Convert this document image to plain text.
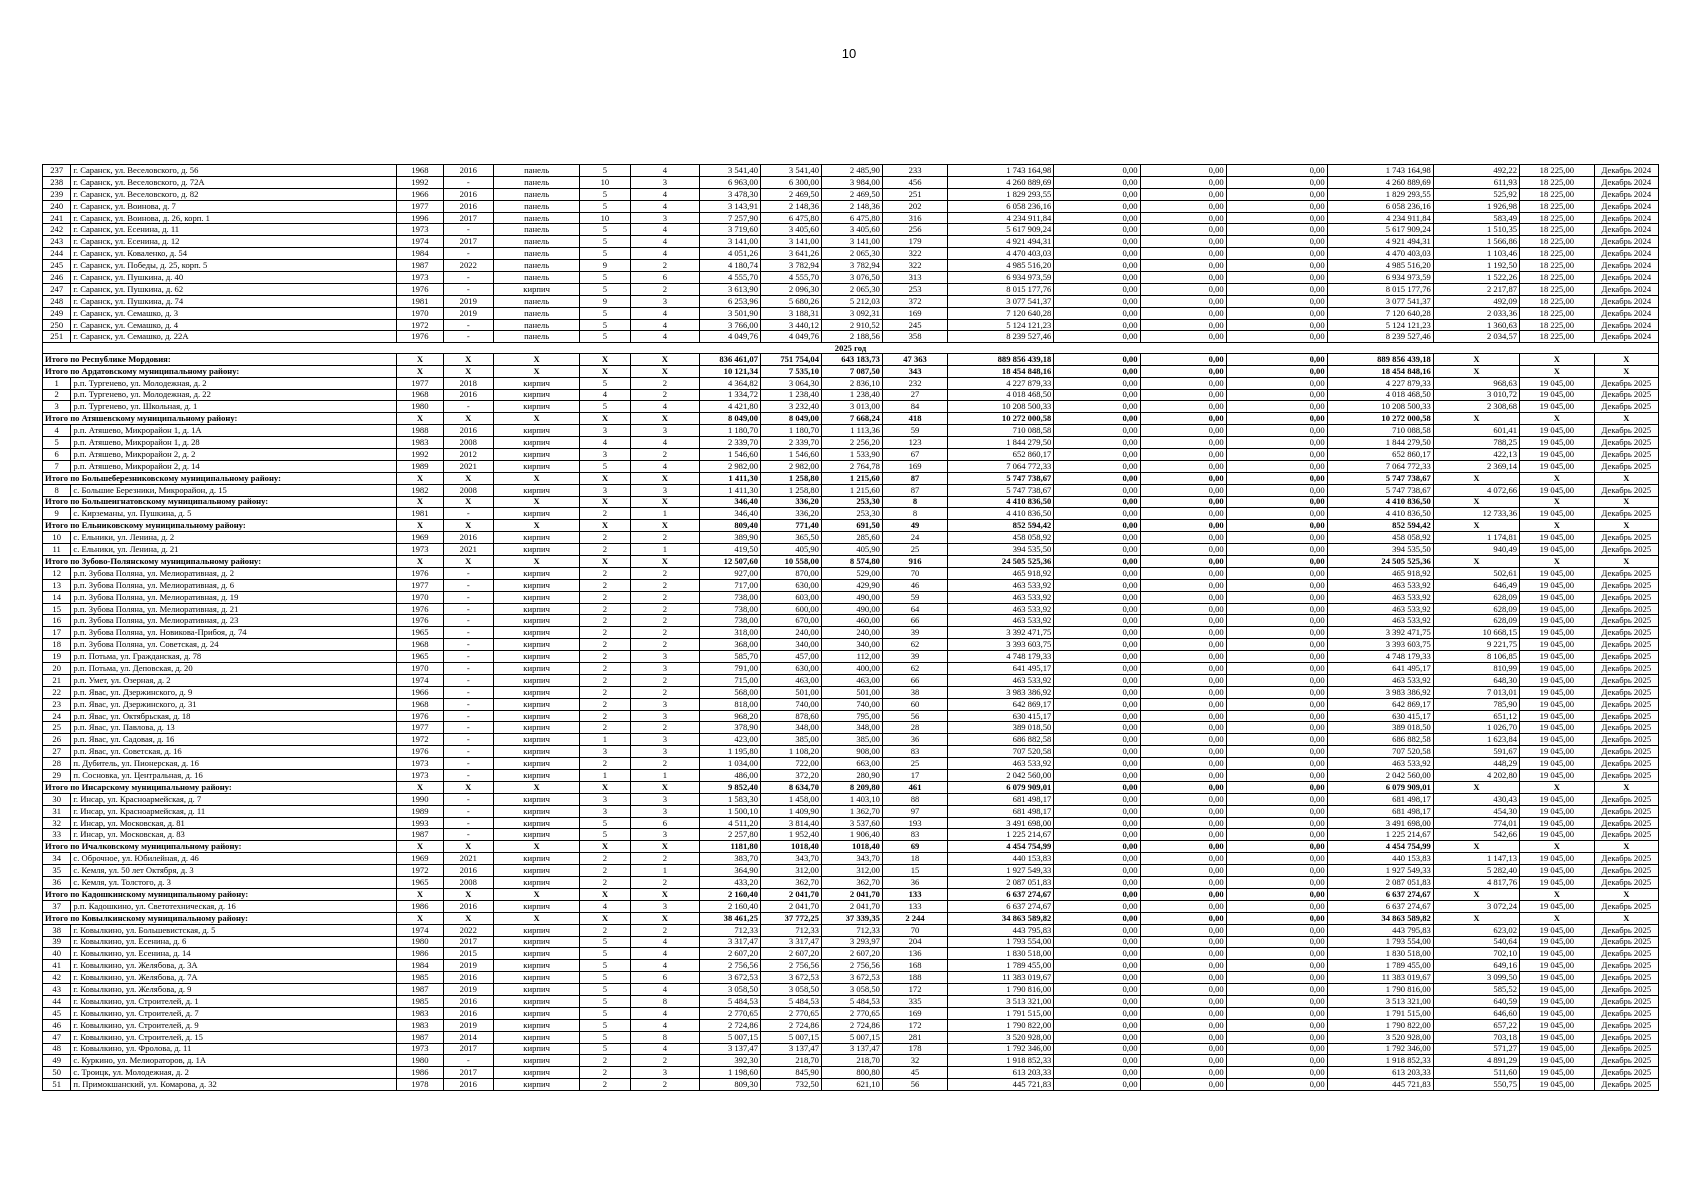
10
237	г. Саранск, ул. Веселовского, д. 56	1968	2016	панель	5	4	3 541,40	3 541,40	2 485,90	233	1 743 164,98	0,00	0,00	0,00	1 743 164,98	492,22	18 225,00	Декабрь 2024
238	г. Саранск, ул. Веселовского, д. 72А	1992	-	панель	10	3	6 963,00	6 300,00	3 984,00	456	4 260 889,69	0,00	0,00	0,00	4 260 889,69	611,93	18 225,00	Декабрь 2024
239	г. Саранск, ул. Веселовского, д. 82	1966	2016	панель	5	4	3 478,30	2 469,50	2 469,50	251	1 829 293,55	0,00	0,00	0,00	1 829 293,55	525,92	18 225,00	Декабрь 2024
240	г. Саранск, ул. Воинова, д. 7	1977	2016	панель	5	4	3 143,91	2 148,36	2 148,36	202	6 058 236,16	0,00	0,00	0,00	6 058 236,16	1 926,98	18 225,00	Декабрь 2024
241	г. Саранск, ул. Воинова, д. 26, корп. 1	1996	2017	панель	10	3	7 257,90	6 475,80	6 475,80	316	4 234 911,84	0,00	0,00	0,00	4 234 911,84	583,49	18 225,00	Декабрь 2024
242	г. Саранск, ул. Есенина, д. 11	1973	-	панель	5	4	3 719,60	3 405,60	3 405,60	256	5 617 909,24	0,00	0,00	0,00	5 617 909,24	1 510,35	18 225,00	Декабрь 2024
243	г. Саранск, ул. Есенина, д. 12	1974	2017	панель	5	4	3 141,00	3 141,00	3 141,00	179	4 921 494,31	0,00	0,00	0,00	4 921 494,31	1 566,86	18 225,00	Декабрь 2024
244	г. Саранск, ул. Коваленко, д. 54	1984	-	панель	5	4	4 051,26	3 641,26	2 065,30	322	4 470 403,03	0,00	0,00	0,00	4 470 403,03	1 103,46	18 225,00	Декабрь 2024
245	г. Саранск, ул. Победы, д. 25, корп. 5	1987	2022	панель	9	2	4 180,74	3 782,94	3 782,94	322	4 985 516,20	0,00	0,00	0,00	4 985 516,20	1 192,50	18 225,00	Декабрь 2024
246	г. Саранск, ул. Пушкина, д. 40	1973	-	панель	5	6	4 555,70	4 555,70	3 076,50	313	6 934 973,59	0,00	0,00	0,00	6 934 973,59	1 522,26	18 225,00	Декабрь 2024
247	г. Саранск, ул. Пушкина, д. 62	1976	-	кирпич	5	2	3 613,90	2 096,30	2 065,30	253	8 015 177,76	0,00	0,00	0,00	8 015 177,76	2 217,87	18 225,00	Декабрь 2024
248	г. Саранск, ул. Пушкина, д. 74	1981	2019	панель	9	3	6 253,96	5 680,26	5 212,03	372	3 077 541,37	0,00	0,00	0,00	3 077 541,37	492,09	18 225,00	Декабрь 2024
249	г. Саранск, ул. Семашко, д. 3	1970	2019	панель	5	4	3 501,90	3 188,31	3 092,31	169	7 120 640,28	0,00	0,00	0,00	7 120 640,28	2 033,36	18 225,00	Декабрь 2024
250	г. Саранск, ул. Семашко, д. 4	1972	-	панель	5	4	3 766,00	3 440,12	2 910,52	245	5 124 121,23	0,00	0,00	0,00	5 124 121,23	1 360,63	18 225,00	Декабрь 2024
251	г. Саранск, ул. Семашко, д. 22А	1976	-	панель	5	4	4 049,76	4 049,76	2 188,56	358	8 239 527,46	0,00	0,00	0,00	8 239 527,46	2 034,57	18 225,00	Декабрь 2024
2025 год																		
Итого по Республике Мордовия:		X	X	X	X	X	836 461,07	751 754,04	643 183,73	47 363	889 856 439,18	0,00	0,00	0,00	889 856 439,18	X	X	X
Итого по Ардатовскому муниципальному району:		X	X	X	X	X	10 121,34	7 535,10	7 087,50	343	18 454 848,16	0,00	0,00	0,00	18 454 848,16	X	X	X
1	р.п. Тургенево, ул. Молодежная, д. 2	1977	2018	кирпич	5	2	4 364,82	3 064,30	2 836,10	232	4 227 879,33	0,00	0,00	0,00	4 227 879,33	968,63	19 045,00	Декабрь 2025
2	р.п. Тургенево, ул. Молодежная, д. 22	1968	2016	кирпич	4	2	1 334,72	1 238,40	1 238,40	27	4 018 468,50	0,00	0,00	0,00	4 018 468,50	3 010,72	19 045,00	Декабрь 2025
3	р.п. Тургенево, ул. Школьная, д. 1	1980	-	кирпич	5	4	4 421,80	3 232,40	3 013,00	84	10 208 500,33	0,00	0,00	0,00	10 208 500,33	2 308,68	19 045,00	Декабрь 2025
Итого по Атяшевскому муниципальному району:		X	X	X	X	X	8 049,00	8 049,00	7 668,24	418	10 272 000,58	0,00	0,00	0,00	10 272 000,58	X	X	X
4	р.п. Атяшево, Микрорайон 1, д. 1А	1988	2016	кирпич	3	3	1 180,70	1 180,70	1 113,36	59	710 088,58	0,00	0,00	0,00	710 088,58	601,41	19 045,00	Декабрь 2025
5	р.п. Атяшево, Микрорайон 1, д. 28	1983	2008	кирпич	4	4	2 339,70	2 339,70	2 256,20	123	1 844 279,50	0,00	0,00	0,00	1 844 279,50	788,25	19 045,00	Декабрь 2025
6	р.п. Атяшево, Микрорайон 2, д. 2	1992	2012	кирпич	3	2	1 546,60	1 546,60	1 533,90	67	652 860,17	0,00	0,00	0,00	652 860,17	422,13	19 045,00	Декабрь 2025
7	р.п. Атяшево, Микрорайон 2, д. 14	1989	2021	кирпич	5	4	2 982,00	2 982,00	2 764,78	169	7 064 772,33	0,00	0,00	0,00	7 064 772,33	2 369,14	19 045,00	Декабрь 2025
Итого по Большеберезниковскому муниципальному району:		X	X	X	X	X	1 411,30	1 258,80	1 215,60	87	5 747 738,67	0,00	0,00	0,00	5 747 738,67	X	X	X
8	с. Большие Березники, Микрорайон, д. 15	1982	2008	кирпич	3	3	1 411,30	1 258,80	1 215,60	87	5 747 738,67	0,00	0,00	0,00	5 747 738,67	4 072,66	19 045,00	Декабрь 2025
Итого по Большеигнатовскому муниципальному району:		X	X	X	X	X	346,40	336,20	253,30	8	4 410 836,50	0,00	0,00	0,00	4 410 836,50	X	X	X
9	с. Кирземаны, ул. Пушкина, д. 5	1981	-	кирпич	2	1	346,40	336,20	253,30	8	4 410 836,50	0,00	0,00	0,00	4 410 836,50	12 733,36	19 045,00	Декабрь 2025
Итого по Ельниковскому муниципальному району:		X	X	X	X	X	809,40	771,40	691,50	49	852 594,42	0,00	0,00	0,00	852 594,42	X	X	X
10	с. Ельники, ул. Ленина, д. 2	1969	2016	кирпич	2	2	389,90	365,50	285,60	24	458 058,92	0,00	0,00	0,00	458 058,92	1 174,81	19 045,00	Декабрь 2025
11	с. Ельники, ул. Ленина, д. 21	1973	2021	кирпич	2	1	419,50	405,90	405,90	25	394 535,50	0,00	0,00	0,00	394 535,50	940,49	19 045,00	Декабрь 2025
Итого по Зубово-Полянскому муниципальному району:		X	X	X	X	X	12 507,60	10 558,00	8 574,80	916	24 505 525,36	0,00	0,00	0,00	24 505 525,36	X	X	X
12	р.п. Зубова Поляна, ул. Мелиоративная, д. 2	1976	-	кирпич	2	2	927,00	870,00	529,00	70	465 918,92	0,00	0,00	0,00	465 918,92	502,61	19 045,00	Декабрь 2025
13	р.п. Зубова Поляна, ул. Мелиоративная, д. 6	1977	-	кирпич	2	2	717,00	630,00	429,90	46	463 533,92	0,00	0,00	0,00	463 533,92	646,49	19 045,00	Декабрь 2025
14	р.п. Зубова Поляна, ул. Мелиоративная, д. 19	1970	-	кирпич	2	2	738,00	603,00	490,00	59	463 533,92	0,00	0,00	0,00	463 533,92	628,09	19 045,00	Декабрь 2025
15	р.п. Зубова Поляна, ул. Мелиоративная, д. 21	1976	-	кирпич	2	2	738,00	600,00	490,00	64	463 533,92	0,00	0,00	0,00	463 533,92	628,09	19 045,00	Декабрь 2025
16	р.п. Зубова Поляна, ул. Мелиоративная, д. 23	1976	-	кирпич	2	2	738,00	670,00	460,00	66	463 533,92	0,00	0,00	0,00	463 533,92	628,09	19 045,00	Декабрь 2025
17	р.п. Зубова Поляна, ул. Новикова-Прибоя, д. 74	1965	-	кирпич	2	2	318,00	240,00	240,00	39	3 392 471,75	0,00	0,00	0,00	3 392 471,75	10 668,15	19 045,00	Декабрь 2025
18	р.п. Зубова Поляна, ул. Советская, д. 24	1968	-	кирпич	2	2	368,00	340,00	340,00	62	3 393 603,75	0,00	0,00	0,00	3 393 603,75	9 221,75	19 045,00	Декабрь 2025
19	р.п. Потьма, ул. Гражданская, д. 78	1965	-	кирпич	2	3	585,70	457,00	112,00	39	4 748 179,33	0,00	0,00	0,00	4 748 179,33	8 106,85	19 045,00	Декабрь 2025
20	р.п. Потьма, ул. Деповская, д. 20	1970	-	кирпич	2	3	791,00	630,00	400,00	62	641 495,17	0,00	0,00	0,00	641 495,17	810,99	19 045,00	Декабрь 2025
21	р.п. Умет, ул. Озерная, д. 2	1974	-	кирпич	2	2	715,00	463,00	463,00	66	463 533,92	0,00	0,00	0,00	463 533,92	648,30	19 045,00	Декабрь 2025
22	р.п. Явас, ул. Дзержинского, д. 9	1966	-	кирпич	2	2	568,00	501,00	501,00	38	3 983 386,92	0,00	0,00	0,00	3 983 386,92	7 013,01	19 045,00	Декабрь 2025
23	р.п. Явас, ул. Дзержинского, д. 31	1968	-	кирпич	2	3	818,00	740,00	740,00	60	642 869,17	0,00	0,00	0,00	642 869,17	785,90	19 045,00	Декабрь 2025
24	р.п. Явас, ул. Октябрьская, д. 18	1976	-	кирпич	2	3	968,20	878,60	795,00	56	630 415,17	0,00	0,00	0,00	630 415,17	651,12	19 045,00	Декабрь 2025
25	р.п. Явас, ул. Павлова, д. 13	1977	-	кирпич	2	2	378,90	348,00	348,00	28	389 018,50	0,00	0,00	0,00	389 018,50	1 026,70	19 045,00	Декабрь 2025
26	р.п. Явас, ул. Садовая, д. 16	1972	-	кирпич	1	3	423,00	385,00	385,00	36	686 882,58	0,00	0,00	0,00	686 882,58	1 623,84	19 045,00	Декабрь 2025
27	р.п. Явас, ул. Советская, д. 16	1976	-	кирпич	3	3	1 195,80	1 108,20	908,00	83	707 520,58	0,00	0,00	0,00	707 520,58	591,67	19 045,00	Декабрь 2025
28	п. Дубитель, ул. Пионерская, д. 16	1973	-	кирпич	2	2	1 034,00	722,00	663,00	25	463 533,92	0,00	0,00	0,00	463 533,92	448,29	19 045,00	Декабрь 2025
29	п. Сосновка, ул. Центральная, д. 16	1973	-	кирпич	1	1	486,00	372,20	280,90	17	2 042 560,00	0,00	0,00	0,00	2 042 560,00	4 202,80	19 045,00	Декабрь 2025
Итого по Инсарскому муниципальному району:		X	X	X	X	X	9 852,40	8 634,70	8 209,80	461	6 079 909,01	0,00	0,00	0,00	6 079 909,01	X	X	X
30	г. Инсар, ул. Красноармейская, д. 7	1990	-	кирпич	3	3	1 583,30	1 458,00	1 403,10	88	681 498,17	0,00	0,00	0,00	681 498,17	430,43	19 045,00	Декабрь 2025
31	г. Инсар, ул. Красноармейская, д. 11	1989	-	кирпич	3	3	1 500,10	1 409,90	1 362,70	97	681 498,17	0,00	0,00	0,00	681 498,17	454,30	19 045,00	Декабрь 2025
32	г. Инсар, ул. Московская, д. 81	1993	-	кирпич	5	6	4 511,20	3 814,40	3 537,60	193	3 491 698,00	0,00	0,00	0,00	3 491 698,00	774,01	19 045,00	Декабрь 2025
33	г. Инсар, ул. Московская, д. 83	1987	-	кирпич	5	3	2 257,80	1 952,40	1 906,40	83	1 225 214,67	0,00	0,00	0,00	1 225 214,67	542,66	19 045,00	Декабрь 2025
Итого по Ичалковскому муниципальному району:		X	X	X	X	X	1181,80	1018,40	1018,40	69	4 454 754,99	0,00	0,00	0,00	4 454 754,99	X	X	X
34	с. Оброчное, ул. Юбилейная, д. 46	1969	2021	кирпич	2	2	383,70	343,70	343,70	18	440 153,83	0,00	0,00	0,00	440 153,83	1 147,13	19 045,00	Декабрь 2025
35	с. Кемля, ул. 50 лет Октября, д. 3	1972	2016	кирпич	2	1	364,90	312,00	312,00	15	1 927 549,33	0,00	0,00	0,00	1 927 549,33	5 282,40	19 045,00	Декабрь 2025
36	с. Кемля, ул. Толстого, д. 3	1965	2008	кирпич	2	2	433,20	362,70	362,70	36	2 087 051,83	0,00	0,00	0,00	2 087 051,83	4 817,76	19 045,00	Декабрь 2025
Итого по Кадошкинскому муниципальному району:		X	X	X	X	X	2 160,40	2 041,70	2 041,70	133	6 637 274,67	0,00	0,00	0,00	6 637 274,67	X	X	X
37	р.п. Кадошкино, ул. Светотехническая, д. 16	1986	2016	кирпич	4	3	2 160,40	2 041,70	2 041,70	133	6 637 274,67	0,00	0,00	0,00	6 637 274,67	3 072,24	19 045,00	Декабрь 2025
Итого по Ковылкинскому муниципальному району:		X	X	X	X	X	38 461,25	37 772,25	37 339,35	2 244	34 863 589,82	0,00	0,00	0,00	34 863 589,82	X	X	X
38	г. Ковылкино, ул. Большевистская, д. 5	1974	2022	кирпич	2	2	712,33	712,33	712,33	70	443 795,83	0,00	0,00	0,00	443 795,83	623,02	19 045,00	Декабрь 2025
39	г. Ковылкино, ул. Есенина, д. 6	1980	2017	кирпич	5	4	3 317,47	3 317,47	3 293,97	204	1 793 554,00	0,00	0,00	0,00	1 793 554,00	540,64	19 045,00	Декабрь 2025
40	г. Ковылкино, ул. Есенина, д. 14	1986	2015	кирпич	5	4	2 607,20	2 607,20	2 607,20	136	1 830 518,00	0,00	0,00	0,00	1 830 518,00	702,10	19 045,00	Декабрь 2025
41	г. Ковылкино, ул. Желябова, д. 3А	1984	2019	кирпич	5	4	2 756,56	2 756,56	2 756,56	168	1 789 455,00	0,00	0,00	0,00	1 789 455,00	649,16	19 045,00	Декабрь 2025
42	г. Ковылкино, ул. Желябова, д. 7А	1985	2016	кирпич	5	6	3 672,53	3 672,53	3 672,53	188	11 383 019,67	0,00	0,00	0,00	11 383 019,67	3 099,50	19 045,00	Декабрь 2025
43	г. Ковылкино, ул. Желябова, д. 9	1987	2019	кирпич	5	4	3 058,50	3 058,50	3 058,50	172	1 790 816,00	0,00	0,00	0,00	1 790 816,00	585,52	19 045,00	Декабрь 2025
44	г. Ковылкино, ул. Строителей, д. 1	1985	2016	кирпич	5	8	5 484,53	5 484,53	5 484,53	335	3 513 321,00	0,00	0,00	0,00	3 513 321,00	640,59	19 045,00	Декабрь 2025
45	г. Ковылкино, ул. Строителей, д. 7	1983	2016	кирпич	5	4	2 770,65	2 770,65	2 770,65	169	1 791 515,00	0,00	0,00	0,00	1 791 515,00	646,60	19 045,00	Декабрь 2025
46	г. Ковылкино, ул. Строителей, д. 9	1983	2019	кирпич	5	4	2 724,86	2 724,86	2 724,86	172	1 790 822,00	0,00	0,00	0,00	1 790 822,00	657,22	19 045,00	Декабрь 2025
47	г. Ковылкино, ул. Строителей, д. 15	1987	2014	кирпич	5	8	5 007,15	5 007,15	5 007,15	281	3 520 928,00	0,00	0,00	0,00	3 520 928,00	703,18	19 045,00	Декабрь 2025
48	г. Ковылкино, ул. Фролова, д. 11	1973	2017	кирпич	5	4	3 137,47	3 137,47	3 137,47	178	1 792 346,00	0,00	0,00	0,00	1 792 346,00	571,27	19 045,00	Декабрь 2025
49	с. Куркино, ул. Мелиораторов, д. 1А	1980	-	кирпич	2	2	392,30	218,70	218,70	32	1 918 852,33	0,00	0,00	0,00	1 918 852,33	4 891,29	19 045,00	Декабрь 2025
50	с. Троицк, ул. Молодежная, д. 2	1986	2017	кирпич	2	3	1 198,60	845,90	800,80	45	613 203,33	0,00	0,00	0,00	613 203,33	511,60	19 045,00	Декабрь 2025
51	п. Примокшанский, ул. Комарова, д. 32	1978	2016	кирпич	2	2	809,30	732,50	621,10	56	445 721,83	0,00	0,00	0,00	445 721,83	550,75	19 045,00	Декабрь 2025
